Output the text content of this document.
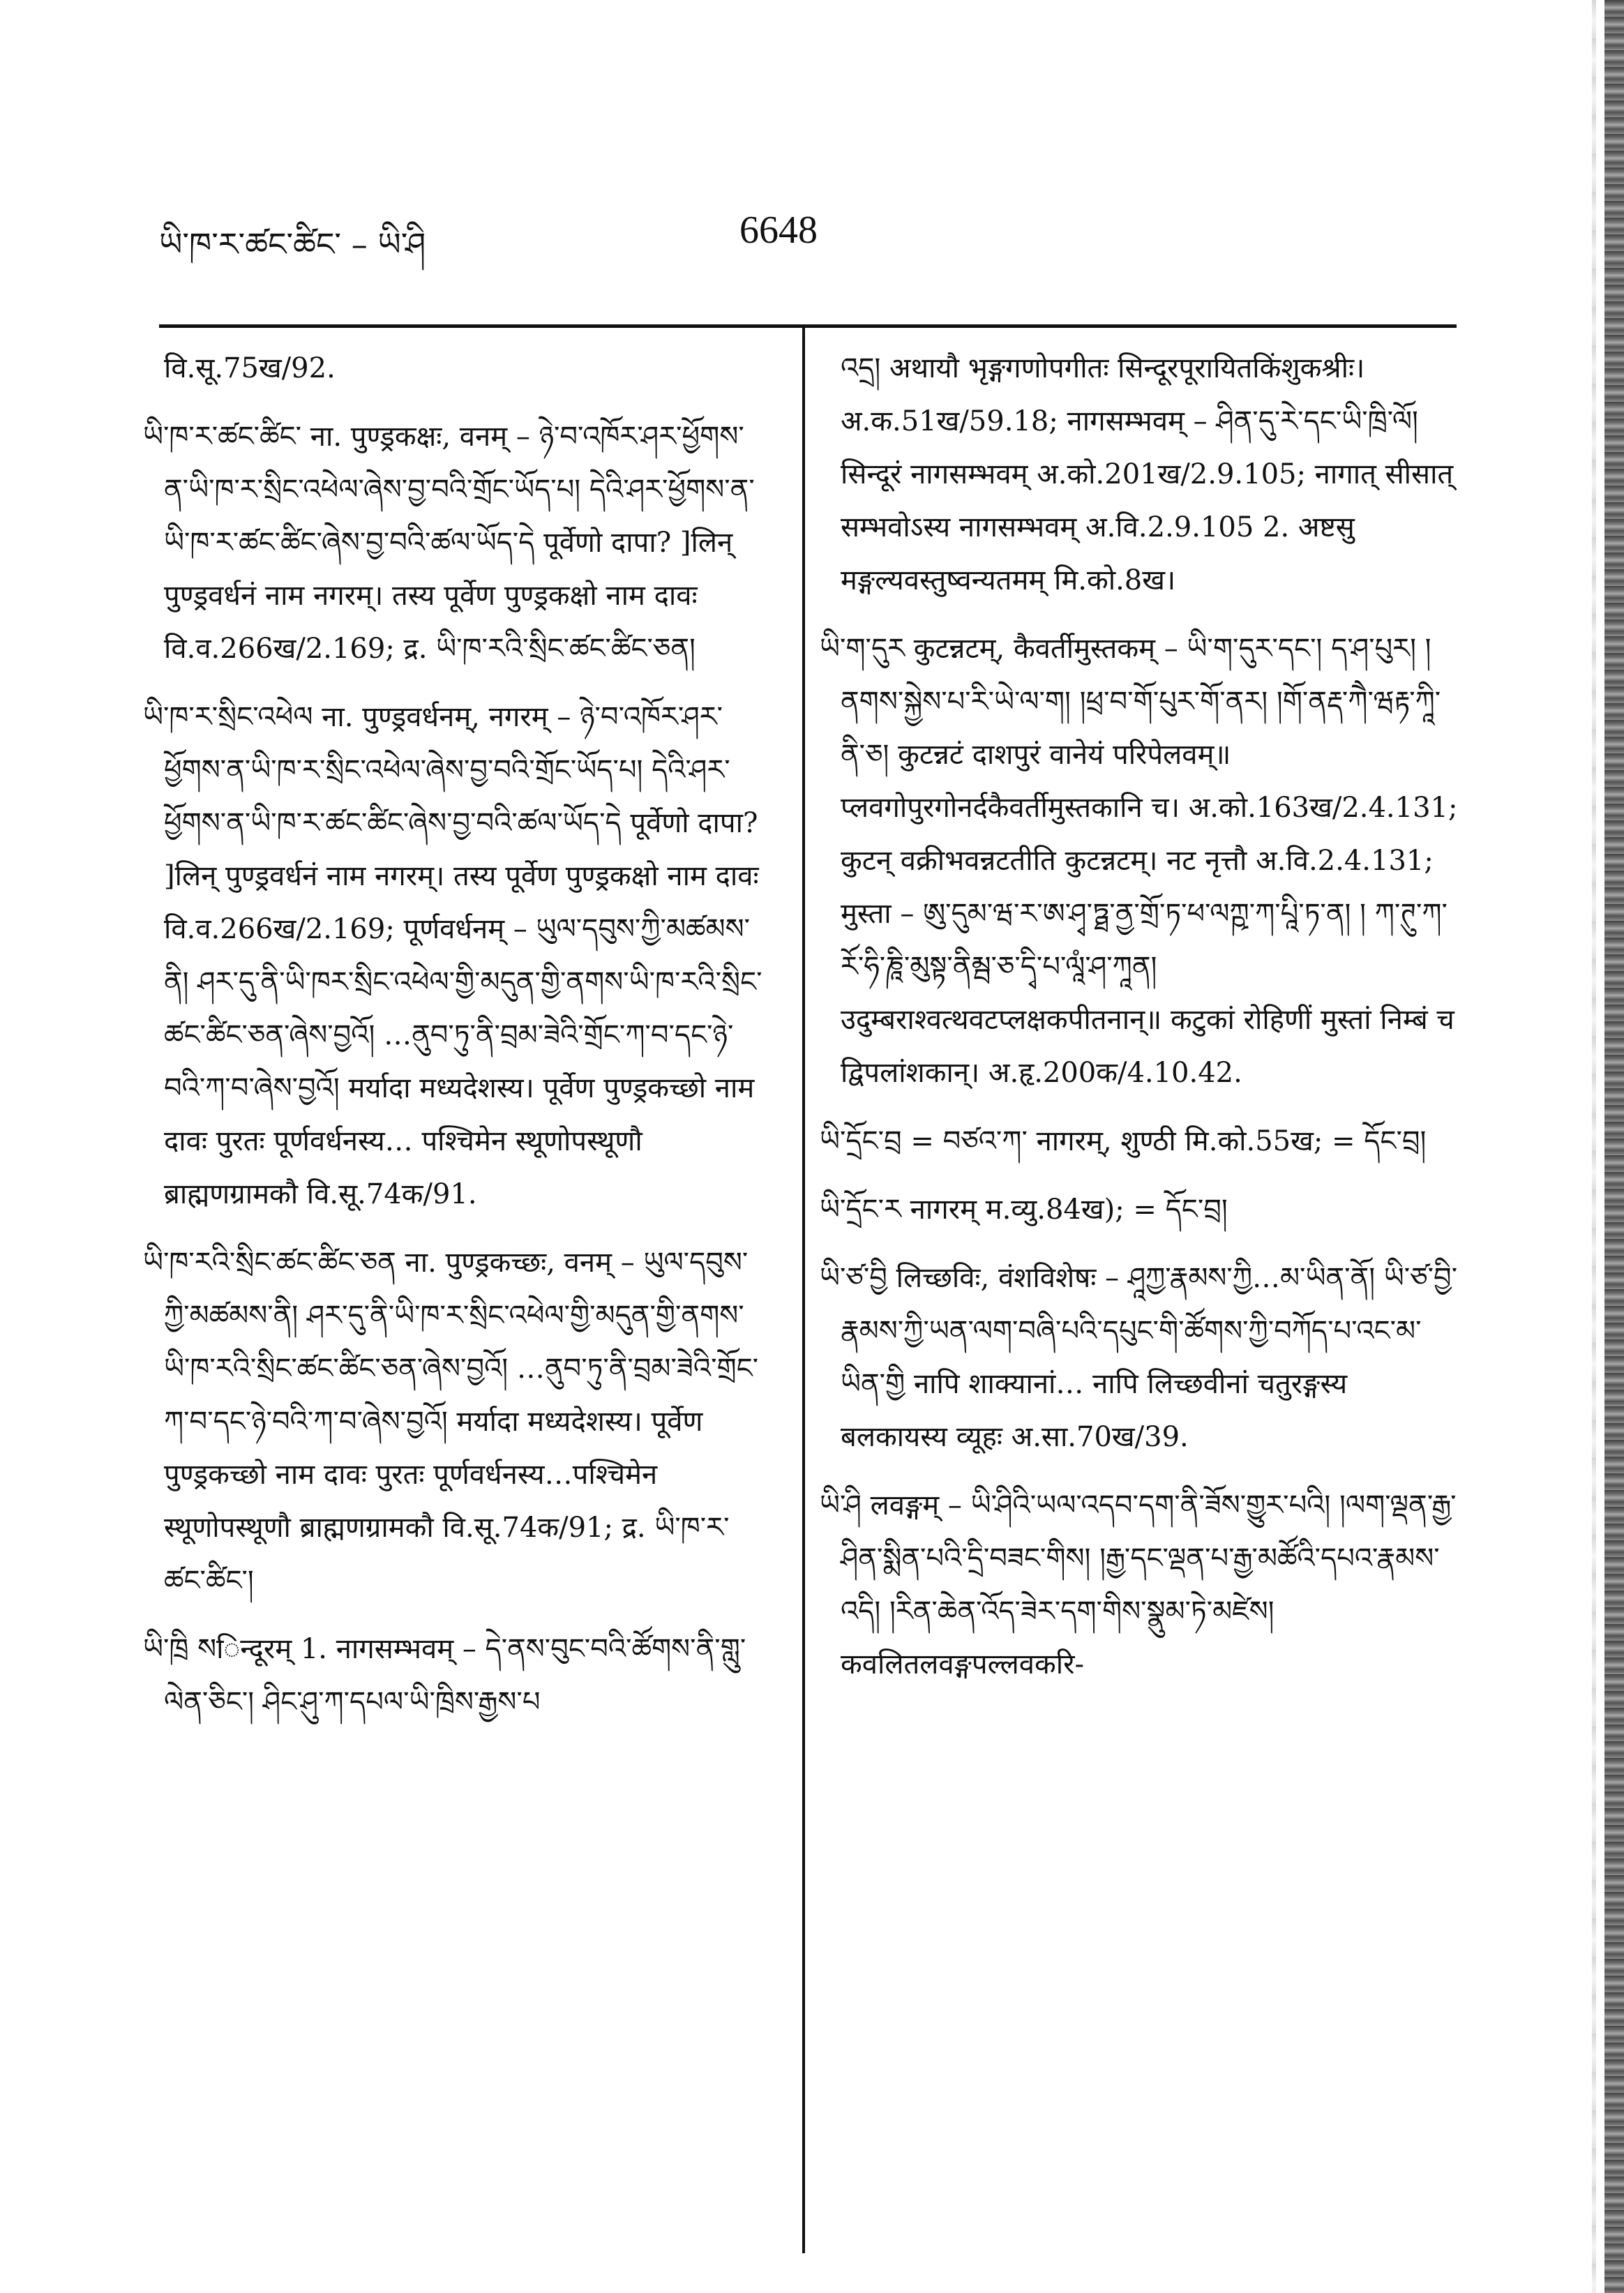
ཡི་ཁ་ར་ཚང་ཚིང་ – ཡི་ཤི	6648

वि.सू.75ख/92.

ཡི་ཁ་ར་ཚང་ཚིང་ ना. पुण्ड्रकक्षः, वनम् – ཉེ་བ་འཁོར་ཤར་ཕྱོགས་ན་ཡི་ཁ་ར་སྲིང་འཕེལ་ཞེས་བྱ་བའི་གྲོང་ཡོད་པ། དེའི་ཤར་ཕྱོགས་ན་ཡི་ཁ་ར་ཚང་ཚིང་ཞེས་བྱ་བའི་ཚལ་ཡོད་དེ पूर्वेणो दापा? ]लिन् पुण्ड्रवर्धनं नाम नगरम्। तस्य पूर्वेण पुण्ड्रकक्षो नाम दावः वि.व.266ख/2.169; द्र. ཡི་ཁ་རའི་སྲིང་ཚང་ཚིང་ཅན།

ཡི་ཁ་ར་སྲིང་འཕེལ ना. पुण्ड्रवर्धनम्, नगरम् – ཉེ་བ་འཁོར་ཤར་ཕྱོགས་ན་ཡི་ཁ་ར་སྲིང་འཕེལ་ཞེས་བྱ་བའི་གྲོང་ཡོད་པ། དེའི་ཤར་ཕྱོགས་ན་ཡི་ཁ་ར་ཚང་ཚིང་ཞེས་བྱ་བའི་ཚལ་ཡོད་དེ पूर्वेणो दापा? ]लिन् पुण्ड्रवर्धनं नाम नगरम्। तस्य पूर्वेण पुण्ड्रकक्षो नाम दावः वि.व.266ख/2.169; पूर्णवर्धनम् – ཡུལ་དབུས་ཀྱི་མཚམས་ནི། ཤར་དུ་ནི་ཡི་ཁར་སྲིང་འཕེལ་གྱི་མདུན་གྱི་ནགས་ཡི་ཁ་རའི་སྲིང་ཚང་ཚིང་ཅན་ཞེས་བྱའོ། …ནུབ་ཏུ་ནི་བྲམ་ཟེའི་གྲོང་ཀ་བ་དང་ཉེ་བའི་ཀ་བ་ཞེས་བྱའོ། मर्यादा मध्यदेशस्य। पूर्वेण पुण्ड्रकच्छो नाम दावः पुरतः पूर्णवर्धनस्य… पश्चिमेन स्थूणोपस्थूणौ ब्राह्मणग्रामकौ वि.सू.74क/91.

ཡི་ཁ་རའི་སྲིང་ཚང་ཚིང་ཅན ना. पुण्ड्रकच्छः, वनम् – ཡུལ་དབུས་ཀྱི་མཚམས་ནི། ཤར་དུ་ནི་ཡི་ཁ་ར་སྲིང་འཕེལ་གྱི་མདུན་གྱི་ནགས་ཡི་ཁ་རའི་སྲིང་ཚང་ཚིང་ཅན་ཞེས་བྱའོ། …ནུབ་ཏུ་ནི་བྲམ་ཟེའི་གྲོང་ཀ་བ་དང་ཉེ་བའི་ཀ་བ་ཞེས་བྱའོ། मर्यादा मध्यदेशस्य। पूर्वेण पुण्ड्रकच्छो नाम दावः पुरतः पूर्णवर्धनस्य…पश्चिमेन स्थूणोपस्थूणौ ब्राह्मणग्रामकौ वि.सू.74क/91; द्र. ཡི་ཁ་ར་ཚང་ཚིང་།

ཡི་ཁྲི སिन्दूरम् 1. नागसम्भवम् – དེ་ནས་བུང་བའི་ཚོགས་ནི་གླུ་ལེན་ཅིང་། ཤིང་ཤུ་ཀ་དཔལ་ཡི་ཁྲིས་རྒྱས་པ

འདྲ། अथायौ भृङ्गगणोपगीतः सिन्दूरपूरायितकिंशुकश्रीः। अ.क.51ख/59.18; नागसम्भवम् – ཤིན་དུ་རེ་དང་ཡི་ཁྲི་ལོ། सिन्दूरं नागसम्भवम् अ.को.201ख/2.9.105; नागात् सीसात् सम्भवोऽस्य नागसम्भवम् अ.वि.2.9.105 2. अष्टसु मङ्गल्यवस्तुष्वन्यतमम् मि.को.8ख।

ཡི་ག་དུར कुटन्नटम्, कैवर्तीमुस्तकम् – ཡི་ག་དུར་དང་། ད་ཤ་པུར། །ནགས་སྐྱེས་པ་རི་ཡེ་ལ་ག། །ཕྲ་བ་གོ་པུར་གོ་ནར། །གོ་ནརྡ་ཀཻ་ཝརྟ་ཀཱི་ནི་ཅ། कुटन्नटं दाशपुरं वानेयं परिपेलवम्॥ प्लवगोपुरगोनर्दकैवर्तीमुस्तकानि च। अ.को.163ख/2.4.131; कुटन् वक्रीभवन्नटतीति कुटन्नटम्। नट नृत्तौ अ.वि.2.4.131; मुस्ता – ཨུ་དུམ་ཝ་ར་ཨ་ཤྭ་ཏྠ་ནྱ་གྲོ་ཏ་ཕ་ལཀྵ་ཀ་པཱི་ཏ་ན། ། ཀ་ཊུ་ཀ་རོ་ཧི་ཎཱི་མུསྟ་ནིམྦ་ཅ་དྭི་པ་ལཱཾ་ཤ་ཀཱན། उदुम्बराश्वत्थवटप्लक्षकपीतनान्॥ कटुकां रोहिणीं मुस्तां निम्बं च द्विपलांशकान्। अ.हृ.200क/4.10.42.

ཡི་དྲོང་བྲ = བཙའ་ཀ་ नागरम्, शुण्ठी मि.को.55ख; = དོང་བྲ།

ཡི་དྲོང་ར नागरम् म.व्यु.84ख); = དོང་བྲ།

ཡི་ཙ་བྱི लिच्छविः, वंशविशेषः – ཤཱཀྱ་རྣམས་ཀྱི…མ་ཡིན་ནོ། ཡི་ཙ་བྱི་རྣམས་ཀྱི་ཡན་ལག་བཞི་པའི་དཔུང་གི་ཚོགས་ཀྱི་བཀོད་པ་འང་མ་ཡིན་གྱི नापि शाक्यानां… नापि लिच्छवीनां चतुरङ्गस्य बलकायस्य व्यूहः अ.सा.70ख/39.

ཡི་ཤི लवङ्गम् – ཡི་ཤིའི་ཡལ་འདབ་དག་ནི་ཟོས་གྱུར་པའི། །ལག་ལྡན་རྒྱ་ཤིན་སྨིན་པའི་དྲི་བཟང་གིས། །རྒྱ་དང་ལྡན་པ་རྒྱ་མཚོའི་དཔའ་རྣམས་འདི། །རིན་ཆེན་འོད་ཟེར་དག་གིས་སྣུམ་ཏེ་མཛེས། कवलितलवङ्गपल्लवकरि-
